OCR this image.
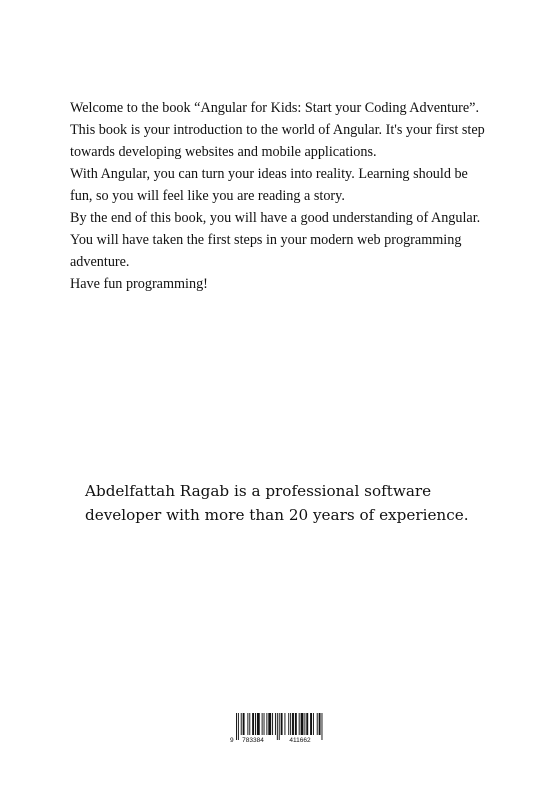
Welcome to the book “Angular for Kids: Start your Coding Adventure”.

This book is your introduction to the world of Angular. It's your first step towards developing websites and mobile applications.

With Angular, you can turn your ideas into reality. Learning should be fun, so you will feel like you are reading a story.

By the end of this book, you will have a good understanding of Angular. You will have taken the first steps in your modern web programming adventure.

Have fun programming!

Abdelfattah Ragab is a professional software developer with more than 20 years of experience.

9 783384	411662
